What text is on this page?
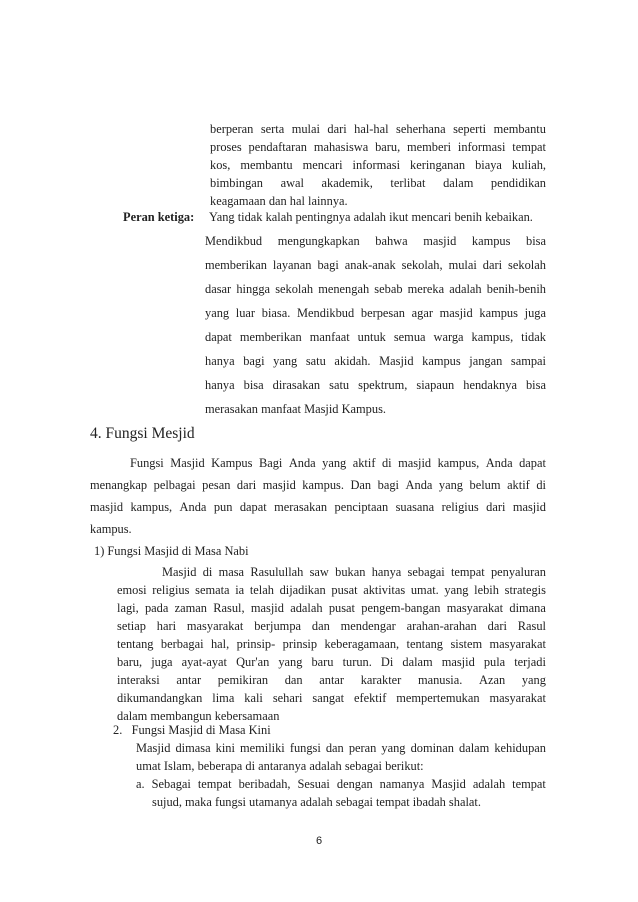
berperan serta mulai dari hal-hal seherhana seperti membantu
proses pendaftaran mahasiswa baru, memberi informasi tempat
kos, membantu mencari informasi keringanan biaya kuliah,
bimbingan awal akademik, terlibat dalam pendidikan
keagamaan dan hal lainnya.
Peran ketiga: Yang tidak kalah pentingnya adalah ikut mencari benih kebaikan.
Mendikbud mengungkapkan bahwa masjid kampus bisa
memberikan layanan bagi anak-anak sekolah, mulai dari sekolah
dasar hingga sekolah menengah sebab mereka adalah benih-benih
yang luar biasa. Mendikbud berpesan agar masjid kampus juga
dapat memberikan manfaat untuk semua warga kampus, tidak
hanya bagi yang satu akidah. Masjid kampus jangan sampai
hanya bisa dirasakan satu spektrum, siapaun hendaknya bisa
merasakan manfaat Masjid Kampus.
4. Fungsi Mesjid
Fungsi Masjid Kampus Bagi Anda yang aktif di masjid kampus, Anda dapat
menangkap pelbagai pesan dari masjid kampus. Dan bagi Anda yang belum aktif di
masjid kampus, Anda pun dapat merasakan penciptaan suasana religius dari masjid
kampus.
1) Fungsi Masjid di Masa Nabi
Masjid di masa Rasulullah saw bukan hanya sebagai tempat penyaluran
emosi religius semata ia telah dijadikan pusat aktivitas umat. yang lebih strategis
lagi, pada zaman Rasul, masjid adalah pusat pengem-bangan masyarakat dimana
setiap hari masyarakat berjumpa dan mendengar arahan-arahan dari Rasul
tentang berbagai hal, prinsip- prinsip keberagamaan, tentang sistem masyarakat
baru, juga ayat-ayat Qur'an yang baru turun. Di dalam masjid pula terjadi
interaksi antar pemikiran dan antar karakter manusia. Azan yang
dikumandangkan lima kali sehari sangat efektif mempertemukan masyarakat
dalam membangun kebersamaan
2.   Fungsi Masjid di Masa Kini
Masjid dimasa kini memiliki fungsi dan peran yang dominan dalam kehidupan
umat Islam, beberapa di antaranya adalah sebagai berikut:
a. Sebagai tempat beribadah, Sesuai dengan namanya Masjid adalah tempat
sujud, maka fungsi utamanya adalah sebagai tempat ibadah shalat.
6
